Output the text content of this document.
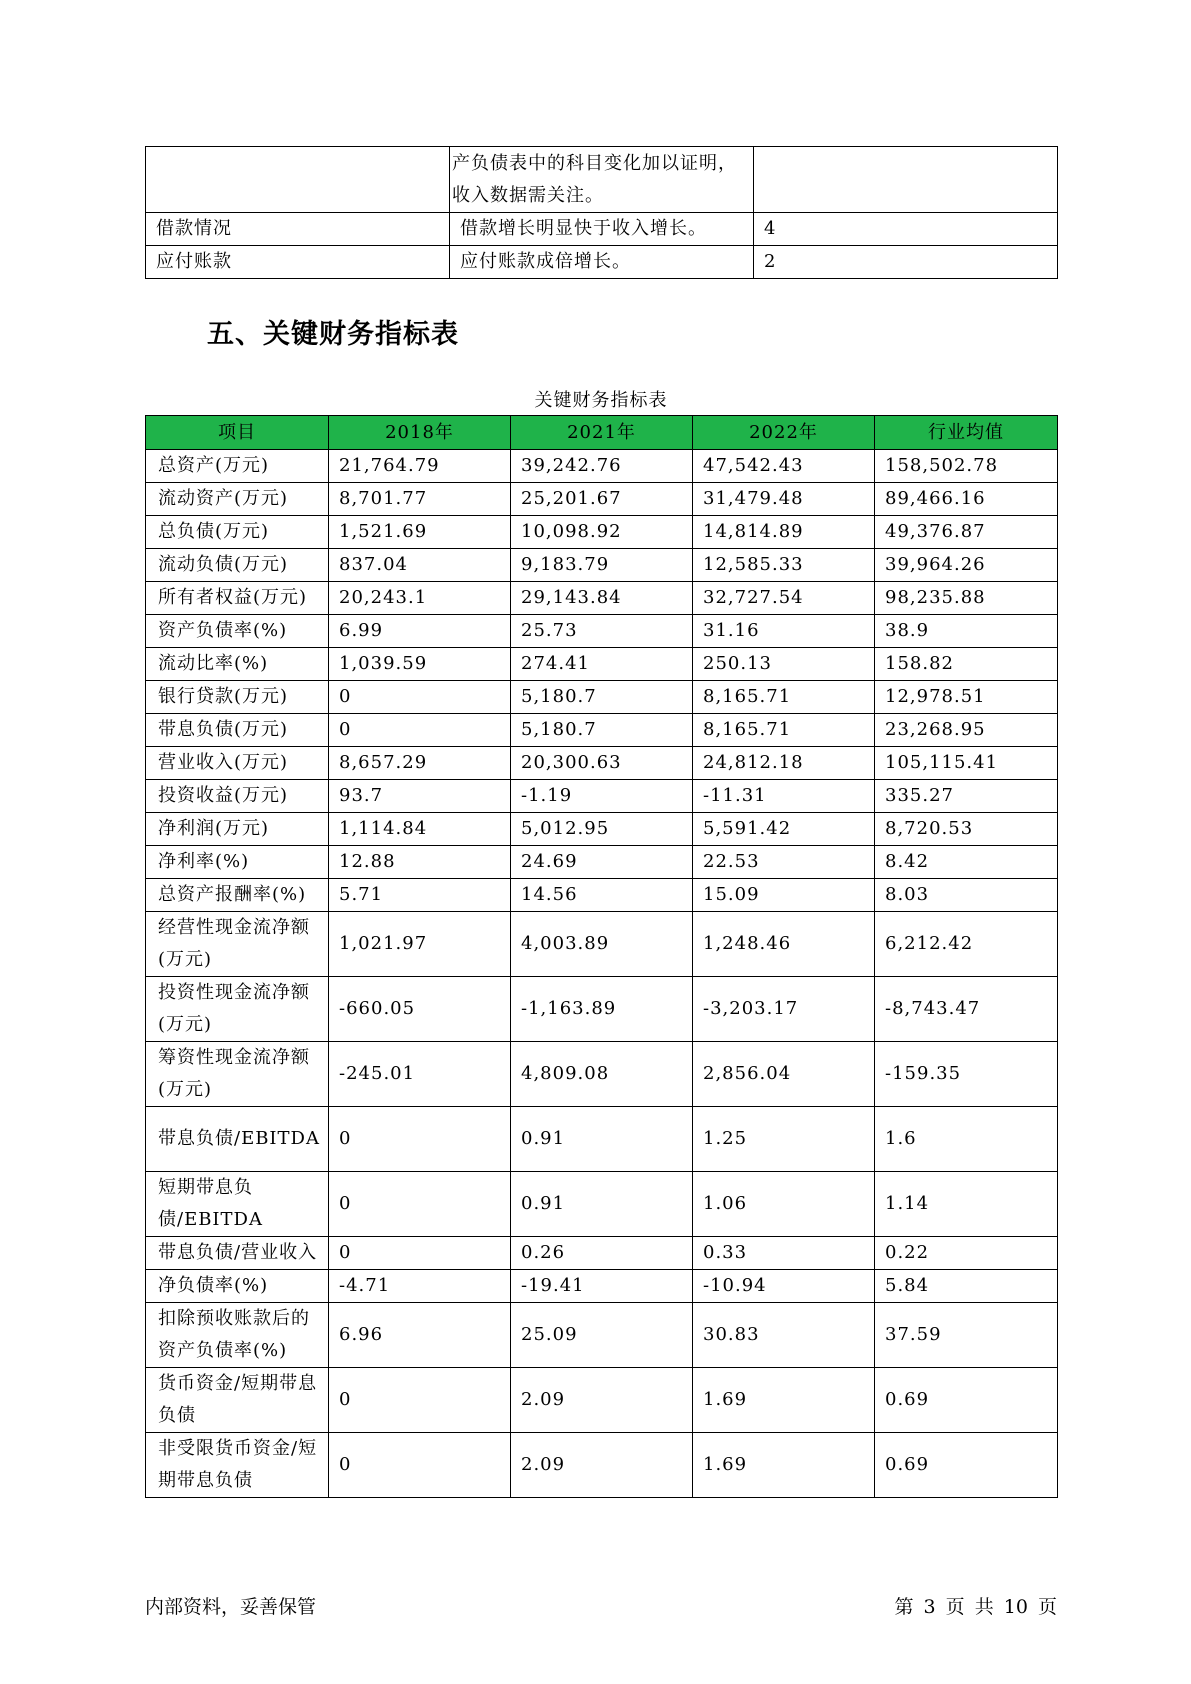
	产负债表中的科目变化加以证明，收入数据需关注。	
借款情况	借款增长明显快于收入增长。	4
应付账款	应付账款成倍增长。	2
五、关键财务指标表
关键财务指标表
项目	2018年	2021年	2022年	行业均值
总资产(万元)	21,764.79	39,242.76	47,542.43	158,502.78
流动资产(万元)	8,701.77	25,201.67	31,479.48	89,466.16
总负债(万元)	1,521.69	10,098.92	14,814.89	49,376.87
流动负债(万元)	837.04	9,183.79	12,585.33	39,964.26
所有者权益(万元)	20,243.1	29,143.84	32,727.54	98,235.88
资产负债率(%)	6.99	25.73	31.16	38.9
流动比率(%)	1,039.59	274.41	250.13	158.82
银行贷款(万元)	0	5,180.7	8,165.71	12,978.51
带息负债(万元)	0	5,180.7	8,165.71	23,268.95
营业收入(万元)	8,657.29	20,300.63	24,812.18	105,115.41
投资收益(万元)	93.7	-1.19	-11.31	335.27
净利润(万元)	1,114.84	5,012.95	5,591.42	8,720.53
净利率(%)	12.88	24.69	22.53	8.42
总资产报酬率(%)	5.71	14.56	15.09	8.03
经营性现金流净额(万元)	1,021.97	4,003.89	1,248.46	6,212.42
投资性现金流净额(万元)	-660.05	-1,163.89	-3,203.17	-8,743.47
筹资性现金流净额(万元)	-245.01	4,809.08	2,856.04	-159.35
带息负债/EBITDA	0	0.91	1.25	1.6
短期带息负债/EBITDA	0	0.91	1.06	1.14
带息负债/营业收入	0	0.26	0.33	0.22
净负债率(%)	-4.71	-19.41	-10.94	5.84
扣除预收账款后的资产负债率(%)	6.96	25.09	30.83	37.59
货币资金/短期带息负债	0	2.09	1.69	0.69
非受限货币资金/短期带息负债	0	2.09	1.69	0.69
内部资料，妥善保管	第 3 页 共 10 页
